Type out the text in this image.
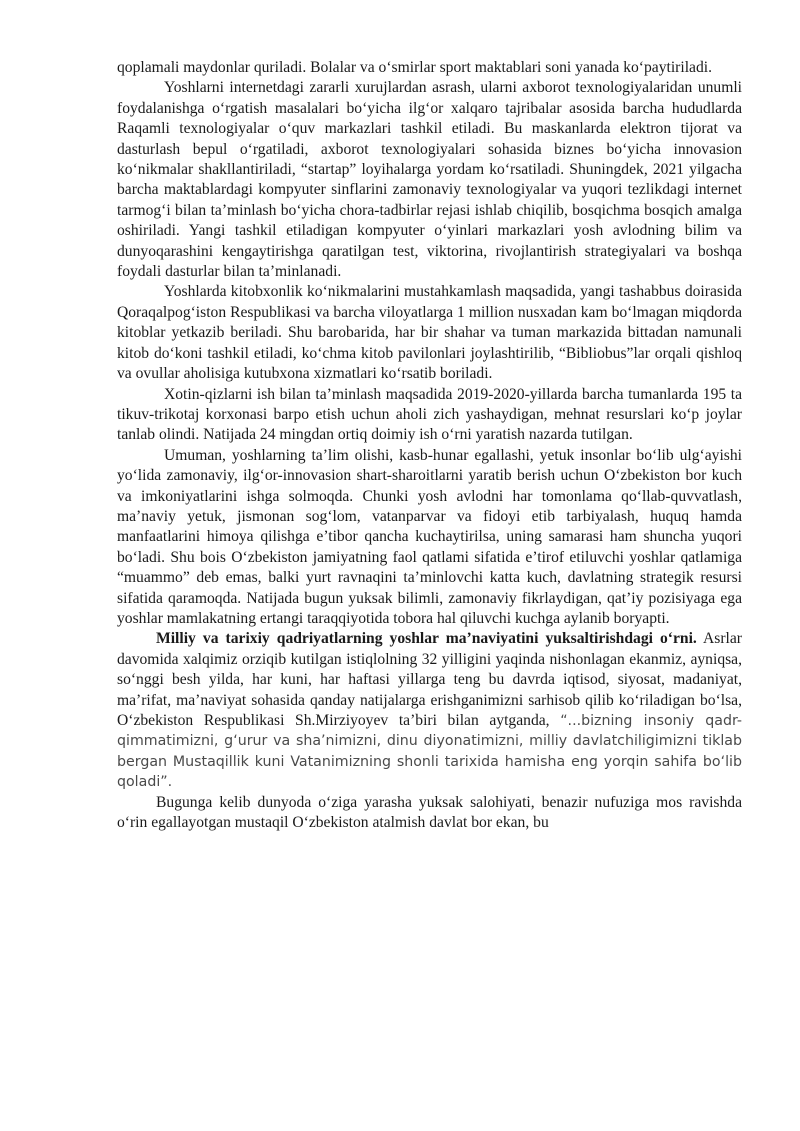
qoplamali maydonlar quriladi. Bolalar va o‘smirlar sport maktablari soni yanada ko‘paytiriladi.

Yoshlarni internetdagi zararli xurujlardan asrash, ularni axborot texnologiyalaridan unumli foydalanishga o‘rgatish masalalari bo‘yicha ilg‘or xalqaro tajribalar asosida barcha hududlarda Raqamli texnologiyalar o‘quv markazlari tashkil etiladi. Bu maskanlarda elektron tijorat va dasturlash bepul o‘rgatiladi, axborot texnologiyalari sohasida biznes bo‘yicha innovasion ko‘nikmalar shakllantiriladi, “startap” loyihalarga yordam ko‘rsatiladi. Shuningdek, 2021 yilgacha barcha maktablardagi kompyuter sinflarini zamonaviy texnologiyalar va yuqori tezlikdagi internet tarmog‘i bilan ta’minlash bo‘yicha chora-tadbirlar rejasi ishlab chiqilib, bosqichma bosqich amalga oshiriladi. Yangi tashkil etiladigan kompyuter o‘yinlari markazlari yosh avlodning bilim va dunyoqarashini kengaytirishga qaratilgan test, viktorina, rivojlantirish strategiyalari va boshqa foydali dasturlar bilan ta’minlanadi.

Yoshlarda kitobxonlik ko‘nikmalarini mustahkamlash maqsadida, yangi tashabbus doirasida Qoraqalpog‘iston Respublikasi va barcha viloyatlarga 1 million nusxadan kam bo‘lmagan miqdorda kitoblar yetkazib beriladi. Shu barobarida, har bir shahar va tuman markazida bittadan namunali kitob do‘koni tashkil etiladi, ko‘chma kitob pavilonlari joylashtirilib, “Bibliobus”lar orqali qishloq va ovullar aholisiga kutubxona xizmatlari ko‘rsatib boriladi.

Xotin-qizlarni ish bilan ta’minlash maqsadida 2019-2020-yillarda barcha tumanlarda 195 ta tikuv-trikotaj korxonasi barpo etish uchun aholi zich yashaydigan, mehnat resurslari ko‘p joylar tanlab olindi. Natijada 24 mingdan ortiq doimiy ish o‘rni yaratish nazarda tutilgan.

Umuman, yoshlarning ta’lim olishi, kasb-hunar egallashi, yetuk insonlar bo‘lib ulg‘ayishi yo‘lida zamonaviy, ilg‘or-innovasion shart-sharoitlarni yaratib berish uchun O‘zbekiston bor kuch va imkoniyatlarini ishga solmoqda. Chunki yosh avlodni har tomonlama qo‘llab-quvvatlash, ma’naviy yetuk, jismonan sog‘lom, vatanparvar va fidoyi etib tarbiyalash, huquq hamda manfaatlarini himoya qilishga e’tibor qancha kuchaytirilsa, uning samarasi ham shuncha yuqori bo‘ladi. Shu bois O‘zbekiston jamiyatning faol qatlami sifatida e’tirof etiluvchi yoshlar qatlamiga “muammo” deb emas, balki yurt ravnaqini ta’minlovchi katta kuch, davlatning strategik resursi sifatida qaramoqda. Natijada bugun yuksak bilimli, zamonaviy fikrlaydigan, qat’iy pozisiyaga ega yoshlar mamlakatning ertangi taraqqiyotida tobora hal qiluvchi kuchga aylanib boryapti.

Milliy va tarixiy qadriyatlarning yoshlar ma’naviyatini yuksaltirishdagi o‘rni. Asrlar davomida xalqimiz orziqib kutilgan istiqlolning 32 yilligini yaqinda nishonlagan ekanmiz, ayniqsa, so‘nggi besh yilda, har kuni, har haftasi yillarga teng bu davrda iqtisod, siyosat, madaniyat, ma’rifat, ma’naviyat sohasida qanday natijalarga erishganimizni sarhisob qilib ko‘riladigan bo‘lsa, O‘zbekiston Respublikasi Sh.Mirziyoyev ta’biri bilan aytganda, “...bizning insoniy qadr-qimmatimizni, g‘urur va sha’nimizni, dinu diyonatimizni, milliy davlatchiligimizni tiklab bergan Mustaqillik kuni Vatanimizning shonli tarixida hamisha eng yorqin sahifa bo‘lib qoladi”.

Bugunga kelib dunyoda o‘ziga yarasha yuksak salohiyati, benazir nufuziga mos ravishda o‘rin egallayotgan mustaqil O‘zbekiston atalmish davlat bor ekan, bu
